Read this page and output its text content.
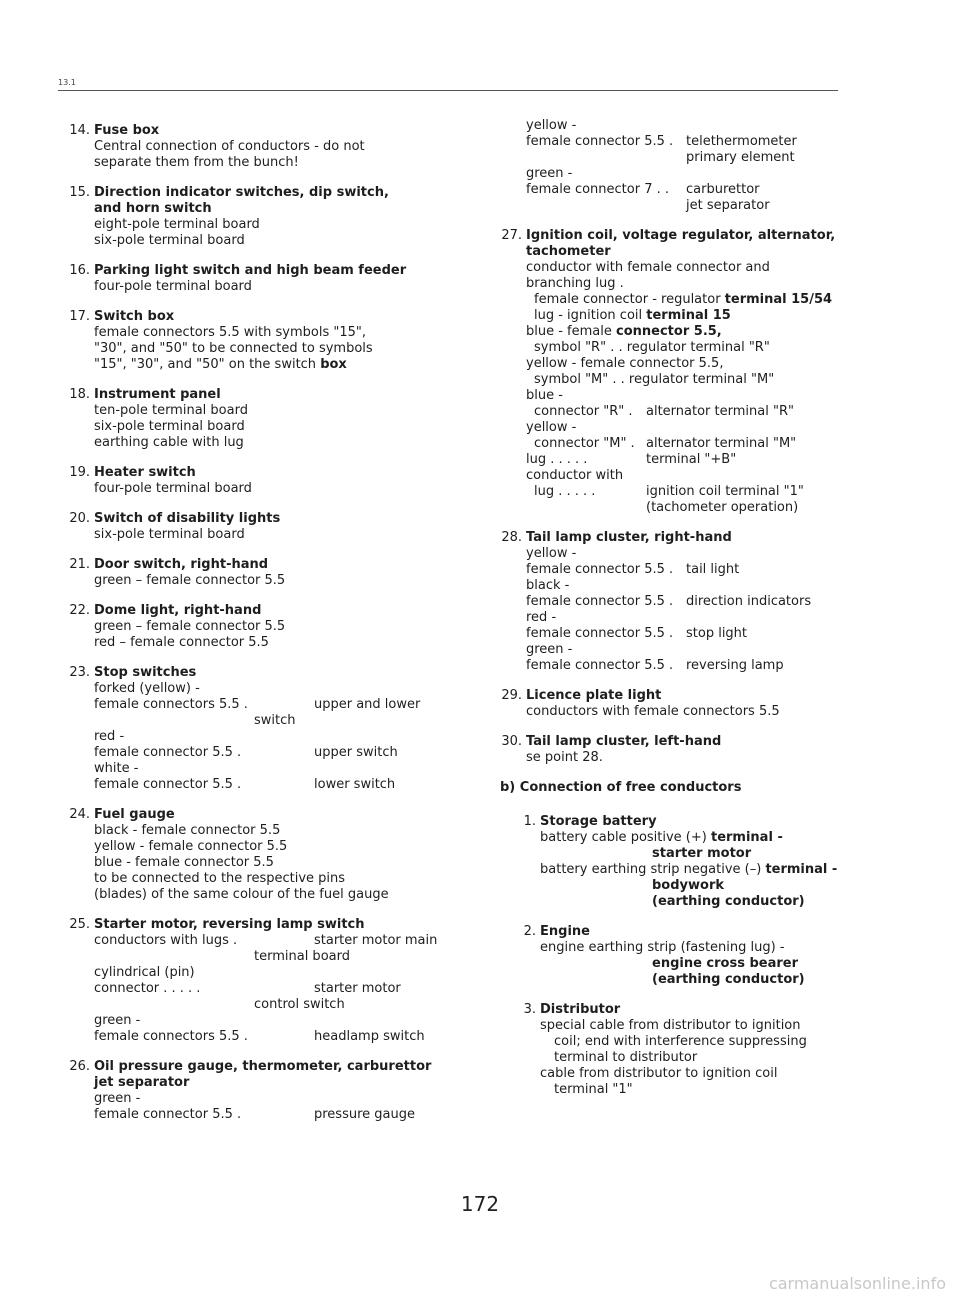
13.1
14. Fuse box
Central connection of conductors - do not
separate them from the bunch!
15. Direction indicator switches, dip switch,
and horn switch
eight-pole terminal board
six-pole terminal board
16. Parking light switch and high beam feeder
four-pole terminal board
17. Switch box
female connectors 5.5 with symbols "15",
"30", and "50" to be connected to symbols
"15", "30", and "50" on the switch box
18. Instrument panel
ten-pole terminal board
six-pole terminal board
earthing cable with lug
19. Heater switch
four-pole terminal board
20. Switch of disability lights
six-pole terminal board
21. Door switch, right-hand
green – female connector 5.5
22. Dome light, right-hand
green – female connector 5.5
red – female connector 5.5
23. Stop switches
forked (yellow) -
female connectors 5.5 .	upper and lower
switch
red -
female connector 5.5 .	upper switch
white -
female connector 5.5 .	lower switch
24. Fuel gauge
black - female connector 5.5
yellow - female connector 5.5
blue - female connector 5.5
to be connected to the respective pins
(blades) of the same colour of the fuel gauge
25. Starter motor, reversing lamp switch
conductors with lugs .	starter motor main
terminal board
cylindrical (pin)
connector . . . . .	starter motor
control switch
green -
female connectors 5.5 .	headlamp switch
26. Oil pressure gauge, thermometer, carburettor
jet separator
green -
female connector 5.5 .	pressure gauge
yellow -
female connector 5.5 . telethermometer
primary element
green -
female connector 7 . .	carburettor
jet separator
27. Ignition coil, voltage regulator, alternator,
tachometer
conductor with female connector and
branching lug .
female connector - regulator terminal 15/54
lug - ignition coil terminal 15
blue - female connector 5.5,
symbol "R" . . regulator terminal "R"
yellow - female connector 5.5,
symbol "M" . . regulator terminal "M"
blue -
connector "R" .	alternator terminal "R"
yellow -
connector "M" . alternator terminal "M"
lug . . . . .	terminal "+B"
conductor with
lug . . . . .	ignition coil terminal "1"
(tachometer operation)
28. Tail lamp cluster, right-hand
yellow -
female connector 5.5 . tail light
black -
female connector 5.5 . direction indicators
red -
female connector 5.5 . stop light
green -
female connector 5.5 . reversing lamp
29. Licence plate light
conductors with female connectors 5.5
30. Tail lamp cluster, left-hand
se point 28.
b) Connection of free conductors
1. Storage battery
battery cable positive (+) terminal -
starter motor
battery earthing strip negative (–) terminal -
bodywork
(earthing conductor)
2. Engine
engine earthing strip (fastening lug) -
engine cross bearer
(earthing conductor)
3. Distributor
special cable from distributor to ignition
coil; end with interference suppressing
terminal to distributor
cable from distributor to ignition coil
terminal "1"
172
carmanualsonline.info
